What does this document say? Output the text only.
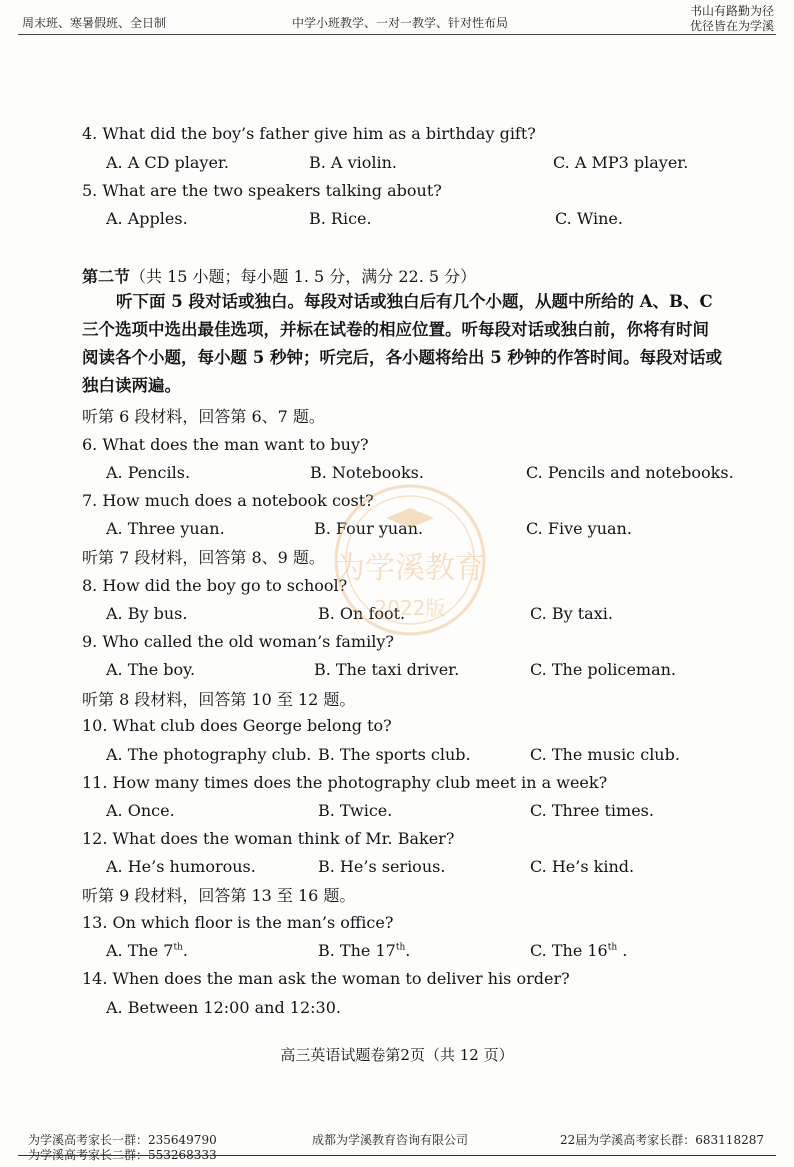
周末班、寒暑假班、全日制	中学小班教学、一对一教学、针对性布局
书山有路勤为径
优径皆在为学溪
4. What did the boy’s father give him as a birthday gift?
A. A CD player.	B. A violin.	C. A MP3 player.
5. What are the two speakers talking about?
A. Apples.	B. Rice.	C. Wine.
第二节（共 15 小题；每小题 1. 5 分，满分 22. 5 分）
听下面 5 段对话或独白。每段对话或独白后有几个小题，从题中所给的 A、B、C 三个选项中选出最佳选项，并标在试卷的相应位置。听每段对话或独白前，你将有时间阅读各个小题，每小题 5 秒钟；听完后，各小题将给出 5 秒钟的作答时间。每段对话或独白读两遍。
听第 6 段材料，回答第 6、7 题。
6. What does the man want to buy?
A. Pencils.	B. Notebooks.	C. Pencils and notebooks.
7. How much does a notebook cost?
A. Three yuan.	B. Four yuan.	C. Five yuan.
听第 7 段材料，回答第 8、9 题。
8. How did the boy go to school?
A. By bus.	B. On foot.	C. By taxi.
9. Who called the old woman’s family?
A. The boy.	B. The taxi driver.	C. The policeman.
听第 8 段材料，回答第 10 至 12 题。
10. What club does George belong to?
A. The photography club. B. The sports club.	C. The music club.
11. How many times does the photography club meet in a week?
A. Once.	B. Twice.	C. Three times.
12. What does the woman think of Mr. Baker?
A. He’s humorous.	B. He’s serious.	C. He’s kind.
听第 9 段材料，回答第 13 至 16 题。
13. On which floor is the man’s office?
A. The 7th.	B. The 17th.	C. The 16th .
14. When does the man ask the woman to deliver his order?
A. Between 12:00 and 12:30.
高三英语试题卷第2页（共 12 页）
为学溪教育
2022版
为学溪高考家长一群：235649790
为学溪高考家长二群：553268333
成都为学溪教育咨询有限公司	22届为学溪高考家长群：683118287
